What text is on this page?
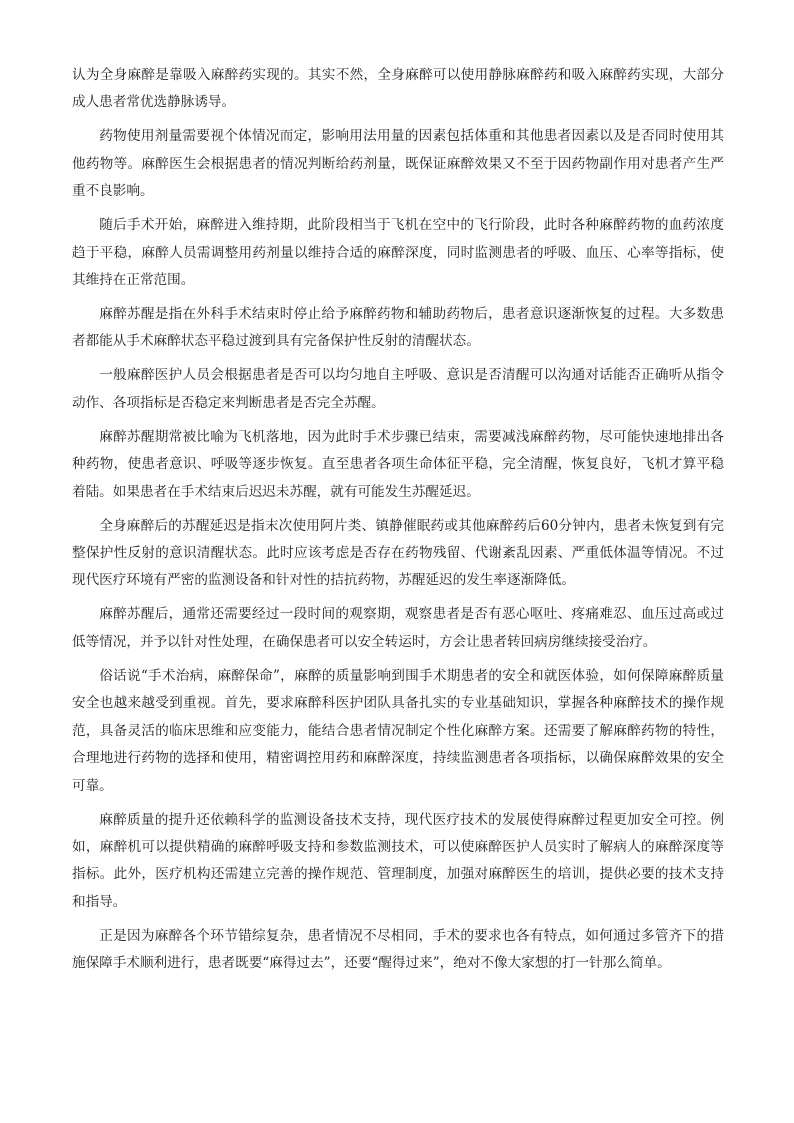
认为全身麻醉是靠吸入麻醉药实现的。其实不然，全身麻醉可以使用静脉麻醉药和吸入麻醉药实现，大部分成人患者常优选静脉诱导。

药物使用剂量需要视个体情况而定，影响用法用量的因素包括体重和其他患者因素以及是否同时使用其他药物等。麻醉医生会根据患者的情况判断给药剂量，既保证麻醉效果又不至于因药物副作用对患者产生严重不良影响。

随后手术开始，麻醉进入维持期，此阶段相当于飞机在空中的飞行阶段，此时各种麻醉药物的血药浓度趋于平稳，麻醉人员需调整用药剂量以维持合适的麻醉深度，同时监测患者的呼吸、血压、心率等指标，使其维持在正常范围。

麻醉苏醒是指在外科手术结束时停止给予麻醉药物和辅助药物后，患者意识逐渐恢复的过程。大多数患者都能从手术麻醉状态平稳过渡到具有完备保护性反射的清醒状态。

一般麻醉医护人员会根据患者是否可以均匀地自主呼吸、意识是否清醒可以沟通对话能否正确听从指令动作、各项指标是否稳定来判断患者是否完全苏醒。

麻醉苏醒期常被比喻为飞机落地，因为此时手术步骤已结束，需要减浅麻醉药物，尽可能快速地排出各种药物，使患者意识、呼吸等逐步恢复。直至患者各项生命体征平稳，完全清醒，恢复良好，飞机才算平稳着陆。如果患者在手术结束后迟迟未苏醒，就有可能发生苏醒延迟。

全身麻醉后的苏醒延迟是指末次使用阿片类、镇静催眠药或其他麻醉药后60分钟内，患者未恢复到有完整保护性反射的意识清醒状态。此时应该考虑是否存在药物残留、代谢紊乱因素、严重低体温等情况。不过现代医疗环境有严密的监测设备和针对性的拮抗药物，苏醒延迟的发生率逐渐降低。

麻醉苏醒后，通常还需要经过一段时间的观察期，观察患者是否有恶心呕吐、疼痛难忍、血压过高或过低等情况，并予以针对性处理，在确保患者可以安全转运时，方会让患者转回病房继续接受治疗。

俗话说“手术治病，麻醉保命”，麻醉的质量影响到围手术期患者的安全和就医体验，如何保障麻醉质量安全也越来越受到重视。首先，要求麻醉科医护团队具备扎实的专业基础知识，掌握各种麻醉技术的操作规范，具备灵活的临床思维和应变能力，能结合患者情况制定个性化麻醉方案。还需要了解麻醉药物的特性，合理地进行药物的选择和使用，精密调控用药和麻醉深度，持续监测患者各项指标，以确保麻醉效果的安全可靠。

麻醉质量的提升还依赖科学的监测设备技术支持，现代医疗技术的发展使得麻醉过程更加安全可控。例如，麻醉机可以提供精确的麻醉呼吸支持和参数监测技术，可以使麻醉医护人员实时了解病人的麻醉深度等指标。此外，医疗机构还需建立完善的操作规范、管理制度，加强对麻醉医生的培训，提供必要的技术支持和指导。

正是因为麻醉各个环节错综复杂，患者情况不尽相同，手术的要求也各有特点，如何通过多管齐下的措施保障手术顺利进行，患者既要“麻得过去”，还要“醒得过来”，绝对不像大家想的打一针那么简单。
